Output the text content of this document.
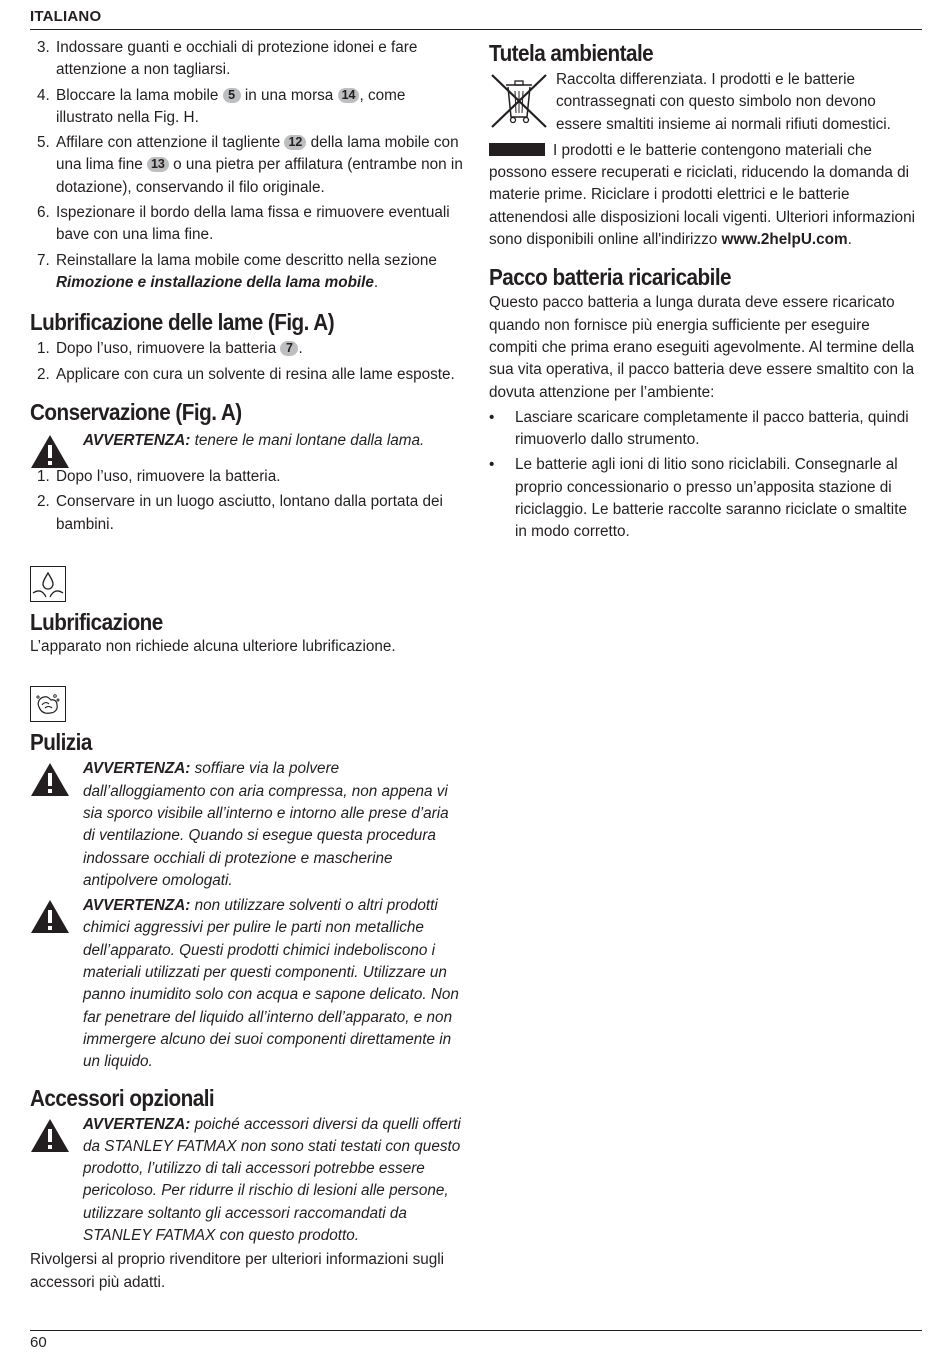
ITALIANO
3. Indossare guanti e occhiali di protezione idonei e fare attenzione a non tagliarsi.
4. Bloccare la lama mobile 5 in una morsa 14 , come illustrato nella Fig. H.
5. Affilare con attenzione il tagliente 12 della lama mobile con una lima fine 13 o una pietra per affilatura (entrambe non in dotazione), conservando il filo originale.
6. Ispezionare il bordo della lama fissa e rimuovere eventuali bave con una lima fine.
7. Reinstallare la lama mobile come descritto nella sezione Rimozione e installazione della lama mobile.
Lubrificazione delle lame (Fig. A)
1. Dopo l’uso, rimuovere la batteria 7 .
2. Applicare con cura un solvente di resina alle lame esposte.
Conservazione (Fig. A)

AVVERTENZA: tenere le mani lontane dalla lama.

1. Dopo l’uso, rimuovere la batteria.
2. Conservare in un luogo asciutto, lontano dalla portata dei bambini.
Lubrificazione

L’apparato non richiede alcuna ulteriore lubrificazione.

Pulizia

AVVERTENZA: soffiare via la polvere dall’alloggiamento con aria compressa, non appena vi sia sporco visibile all’interno e intorno alle prese d’aria di ventilazione. Quando si esegue questa procedura indossare occhiali di protezione e mascherine antipolvere omologati.

AVVERTENZA: non utilizzare solventi o altri prodotti chimici aggressivi per pulire le parti non metalliche dell’apparato. Questi prodotti chimici indeboliscono i materiali utilizzati per questi componenti. Utilizzare un panno inumidito solo con acqua e sapone delicato. Non far penetrare del liquido all’interno dell’apparato, e non immergere alcuno dei suoi componenti direttamente in un liquido.

Accessori opzionali

AVVERTENZA: poiché accessori diversi da quelli offerti da STANLEY FATMAX non sono stati testati con questo prodotto, l’utilizzo di tali accessori potrebbe essere pericoloso. Per ridurre il rischio di lesioni alle persone, utilizzare soltanto gli accessori raccomandati da STANLEY FATMAX con questo prodotto.

Rivolgersi al proprio rivenditore per ulteriori informazioni sugli accessori più adatti.

Tutela ambientale

Raccolta differenziata. I prodotti e le batterie contrassegnati con questo simbolo non devono essere smaltiti insieme ai normali rifiuti domestici.

I prodotti e le batterie contengono materiali che possono essere recuperati e riciclati, riducendo la domanda di materie prime. Riciclare i prodotti elettrici e le batterie attenendosi alle disposizioni locali vigenti. Ulteriori informazioni sono disponibili online all'indirizzo www.2helpU.com.
Pacco batteria ricaricabile

Questo pacco batteria a lunga durata deve essere ricaricato quando non fornisce più energia sufficiente per eseguire compiti che prima erano eseguiti agevolmente. Al termine della sua vita operativa, il pacco batteria deve essere smaltito con la dovuta attenzione per l’ambiente:

• Lasciare scaricare completamente il pacco batteria, quindi rimuoverlo dallo strumento.
• Le batterie agli ioni di litio sono riciclabili. Consegnarle al proprio concessionario o presso un’apposita stazione di riciclaggio. Le batterie raccolte saranno riciclate o smaltite in modo corretto.
60
